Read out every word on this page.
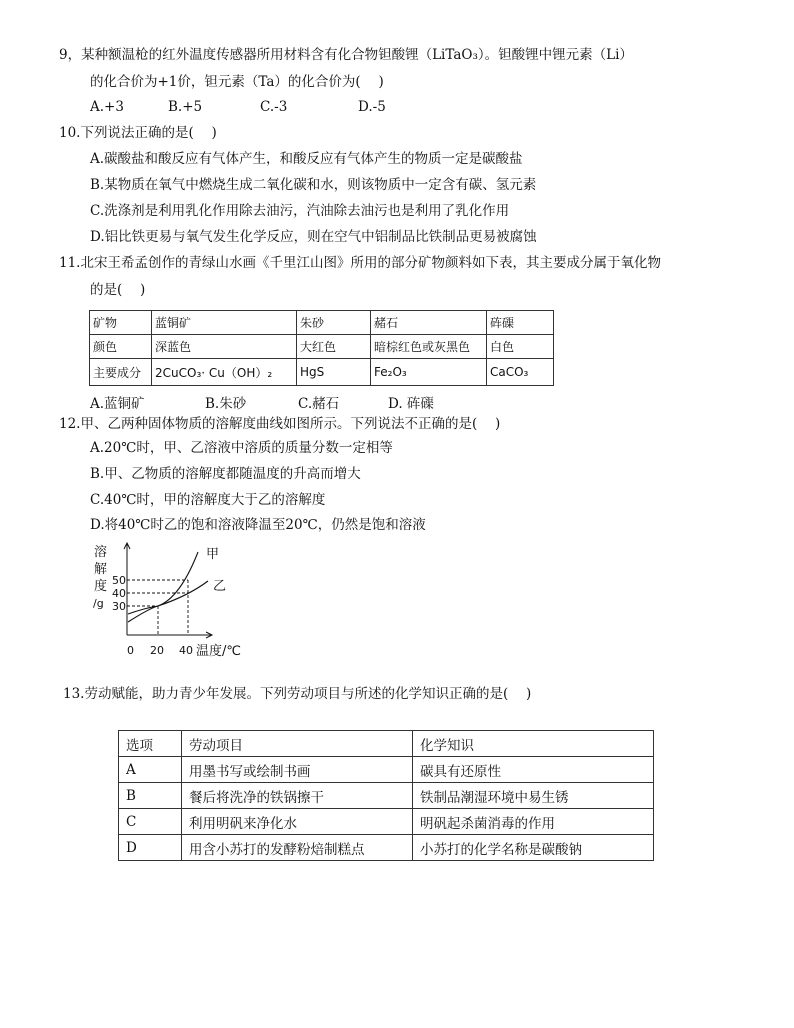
9，某种额温枪的红外温度传感器所用材料含有化合物钽酸锂（LiTaO₃）。钽酸锂中锂元素（Li）
的化合价为+1价，钽元素（Ta）的化合价为(　 )
A.+3	B.+5	C.-3	D.-5
10.下列说法正确的是(　 )
A.碳酸盐和酸反应有气体产生，和酸反应有气体产生的物质一定是碳酸盐
B.某物质在氧气中燃烧生成二氧化碳和水，则该物质中一定含有碳、氢元素
C.洗涤剂是利用乳化作用除去油污，汽油除去油污也是利用了乳化作用
D.铝比铁更易与氧气发生化学反应，则在空气中铝制品比铁制品更易被腐蚀
11.北宋王希孟创作的青绿山水画《千里江山图》所用的部分矿物颜料如下表，其主要成分属于氧化物
的是(　 )
矿物	蓝铜矿	朱砂	赭石	砗磲
颜色	深蓝色	大红色	暗棕红色或灰黑色	白色
主要成分	2CuCO₃· Cu（OH）₂	HgS	Fe₂O₃	CaCO₃
A.蓝铜矿	B.朱砂	C.赭石	D. 砗磲
12.甲、乙两种固体物质的溶解度曲线如图所示。下列说法不正确的是(　 )
A.20℃时，甲、乙溶液中溶质的质量分数一定相等
B.甲、乙物质的溶解度都随温度的升高而增大
C.40℃时，甲的溶解度大于乙的溶解度
D.将40℃时乙的饱和溶液降温至20℃，仍然是饱和溶液
溶
解
度
/g
50
40
30
甲
乙
0 20 40 温度/℃
13.劳动赋能，助力青少年发展。下列劳动项目与所述的化学知识正确的是(　 )
选项	劳动项目	化学知识
A	用墨书写或绘制书画	碳具有还原性
B	餐后将洗净的铁锅擦干	铁制品潮湿环境中易生锈
C	利用明矾来净化水	明矾起杀菌消毒的作用
D	用含小苏打的发酵粉焙制糕点	小苏打的化学名称是碳酸钠
